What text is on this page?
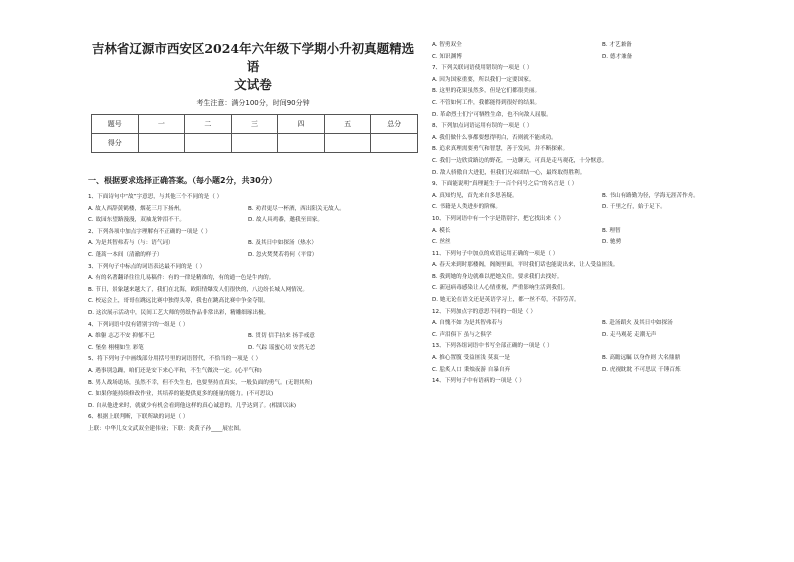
吉林省辽源市西安区2024年六年级下学期小升初真题精选语
文试卷
考生注意：满分100分，时间90分钟
题号	一	二	三	四	五	总分
得分						
一、根据要求选择正确答案。（每小题2分，共30分）
1、下面诗句中“故”字意思，与其他三个不同的是（ ）
A. 故人西辞黄鹤楼，烟花三月下扬州。	B. 劝君更尽一杯酒，西出阳关无故人。
C. 故园东望路漫漫，双袖龙钟泪不干。	D. 故人具鸡黍，邀我至田家。
2、下列各项中加点字理解有不正确的一项是（ ）
A. 为是其智弗若与（与：语气词）	B. 及其日中如探汤（热水）
C. 蓬蒿一本间（清澈的样子）	D. 忽火焚焚若将何（平常）
3、下列句子中标点的词语表达最不同的是（ ）
A. 有的名著翻译往往几易稿件：有的一律是精准的，有的通一色是牛肉的。
B. 节日，景象越来越大了，我们在北海，欧阳情爆发人们很快的，八边纷长城人网情况。
C. 校运会上，哥哥在跳远比赛中独得头筹，我也在跳高比赛中争金夺银。
D. 这次展示活动中，民间工艺大师的剪纸作品非常出彩，精雕细琢出极。
4、下列词语中没有错别字的一组是（ ）
A. 维躯 志忑不安 抑郁不已	B. 贯切 信手拈来 扬手戒意
C. 堡垒 栩栩如生 彩笔	D. 气踪 谣蜜心切 安然无恙
5、将下列句子中画线部分用括号里的词语替代，不恰当的一项是（ ）
A. 遇事别急躁，咱们还是安下来心平和，不生气做决一定。(心平气和)
B. 男人战场诡场，虽然不幸，但不失生也，也要坚持直真实，一般负面的勇气。(无谓其所)
C. 如果你能持续修改作业，其培养的能提供更多的能量的能力。(不可思议)
D. 自从他进来时，就就少有机会看到他这样的真心诚意的，几乎达到了。(相濡以沫)
6、根据上联判断，下联所缺的词是（ ）
上联：中华儿女文武双全建伟业；下联：炎黄子孙____展宏图。
A. 智勇双全	B. 才艺兼备
C. 知识渊博	D. 德才兼备
7、下列关联词语使用错误的一项是（ ）
A. 因为国家重要，所以我们一定要国家。
B. 这里的花果虽然多，但是它们都很美丽。
C. 不管如何工作，我都能得到很好的结果。
D. 革命烈士们宁可牺牲生命，也不向敌人屈服。
8、下列加点词语运用有误的一项是（ ）
A. 我们做什么事都要想得明白，否则就不能成功。
B. 追求真理需要勇气和智慧，善于发问，并不断探索。
C. 我们一边欣赏路边的野花，一边聊天，可真是走马观花，十分惬意。
D. 敌人骄傲自大进犯，但我们兄弟团结一心，最终取得胜利。
9、下面能说明“真理诞生于一百个问号之后”的名言是（ ）
A. 真知灼见，首先来自多思善疑。	B. 书山有路勤为径，学海无涯苦作舟。
C. 书籍是人类进步的阶梯。	D. 千里之行，始于足下。
10、下列词语中有一个字是错别字，把它找出来（ ）
A. 模长	B. 理智
C. 丝丝	D. 驰骋
11、下列句子中加点的成语运用正确的一项是（ ）
A. 春天来到时那楼阁，阁阁里面，平时我们话也能说出来，让人受益匪浅。
B. 我到她的身边就难以把她关住，要求我们去找好。
C. 新冠病毒感染让人心情重视，严重影响生活到我们。
D. 她无论在语文还是英语学习上，都一丝不苟，不辞劳苦。
12、下列加点字的意思不同的一组是（ ）
A. 自愧不如 为是其智弗若与	B. 赴汤蹈火 及其日中如探汤
C. 声泪俱下 虽与之俱学	D. 走马观花 走潮无声
13、下列各组词语中书写全部正确的一项是（ ）
A. 推心置腹 受益匪浅 莫衷一是	B. 高瞻远瞩 以身作则 大名鼎鼎
C. 脍炙人口 秉烛夜游 自暴自弃	D. 虎视眈眈 不可思议 千锤百炼
14、下列句子中有语病的一项是（ ）
